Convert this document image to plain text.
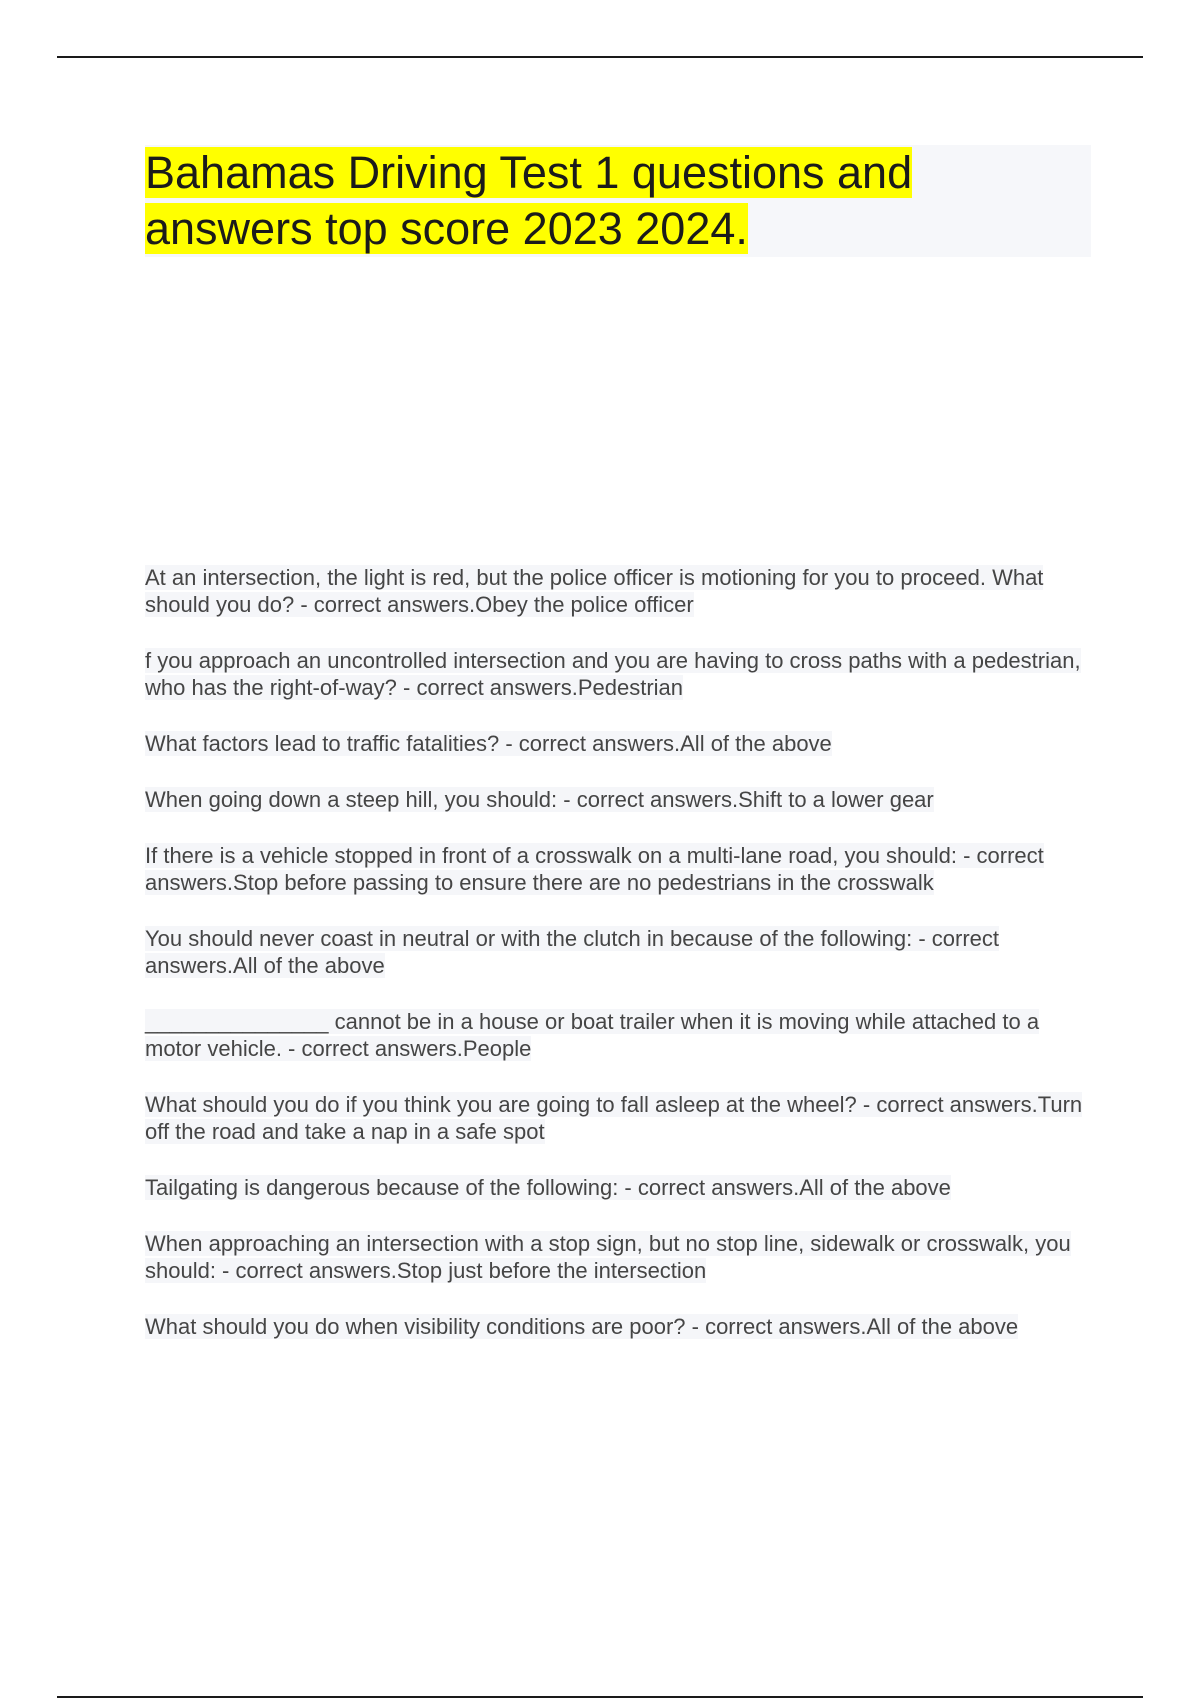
Bahamas Driving Test 1 questions and answers top score 2023 2024.
At an intersection, the light is red, but the police officer is motioning for you to proceed. What should you do? - correct answers.Obey the police officer
f you approach an uncontrolled intersection and you are having to cross paths with a pedestrian, who has the right-of-way? - correct answers.Pedestrian
What factors lead to traffic fatalities? - correct answers.All of the above
When going down a steep hill, you should: - correct answers.Shift to a lower gear
If there is a vehicle stopped in front of a crosswalk on a multi-lane road, you should: - correct answers.Stop before passing to ensure there are no pedestrians in the crosswalk
You should never coast in neutral or with the clutch in because of the following: - correct answers.All of the above
_______________ cannot be in a house or boat trailer when it is moving while attached to a motor vehicle. - correct answers.People
What should you do if you think you are going to fall asleep at the wheel? - correct answers.Turn off the road and take a nap in a safe spot
Tailgating is dangerous because of the following: - correct answers.All of the above
When approaching an intersection with a stop sign, but no stop line, sidewalk or crosswalk, you should: - correct answers.Stop just before the intersection
What should you do when visibility conditions are poor? - correct answers.All of the above
